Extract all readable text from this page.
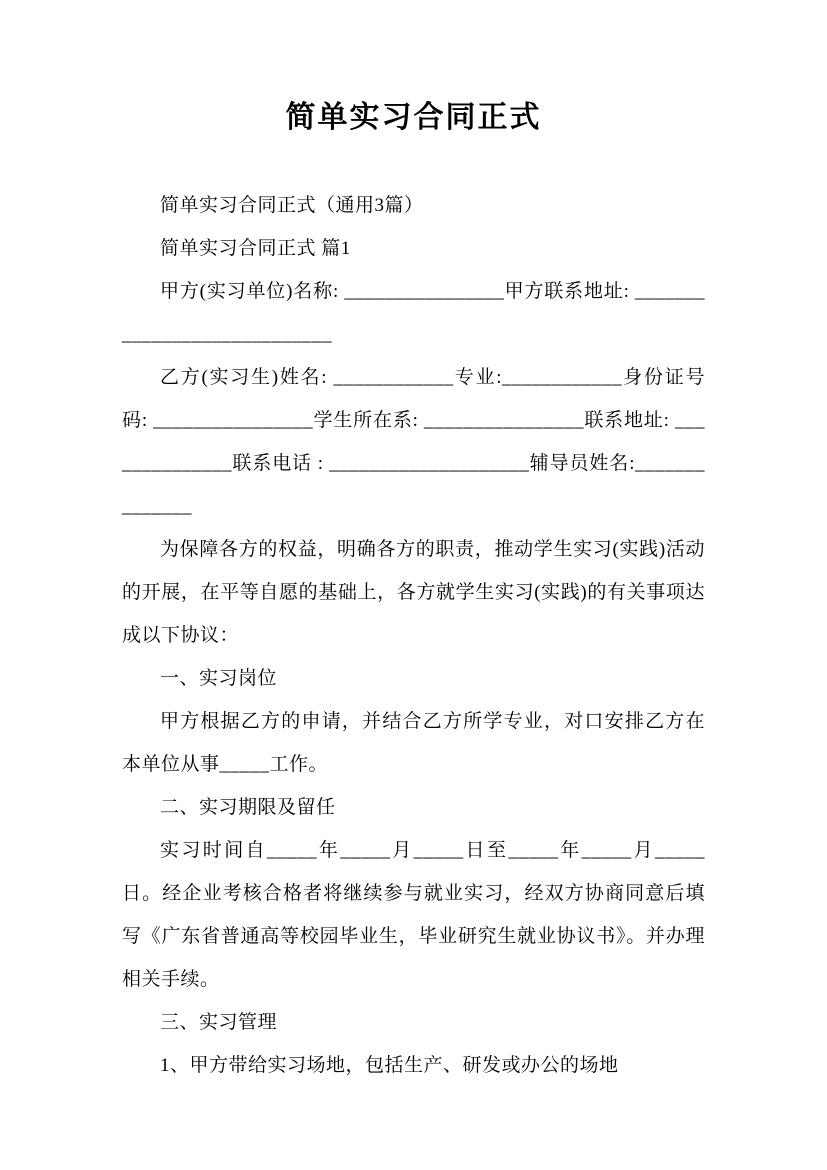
简单实习合同正式

简单实习合同正式（通用3篇）

简单实习合同正式 篇1

甲方(实习单位)名称: ________________甲方联系地址: ____________________________

乙方(实习生)姓名: ____________专业:____________身份证号码: ________________学生所在系: ________________联系地址: ______________联系电话 : ____________________辅导员姓名:______________

为保障各方的权益，明确各方的职责，推动学生实习(实践)活动的开展，在平等自愿的基础上，各方就学生实习(实践)的有关事项达成以下协议：

一、实习岗位

甲方根据乙方的申请，并结合乙方所学专业，对口安排乙方在本单位从事_____工作。

二、实习期限及留任

实习时间自_____年_____月_____日至_____年_____月_____日。经企业考核合格者将继续参与就业实习，经双方协商同意后填写《广东省普通高等校园毕业生，毕业研究生就业协议书》。并办理相关手续。

三、实习管理

1、甲方带给实习场地，包括生产、研发或办公的场地
